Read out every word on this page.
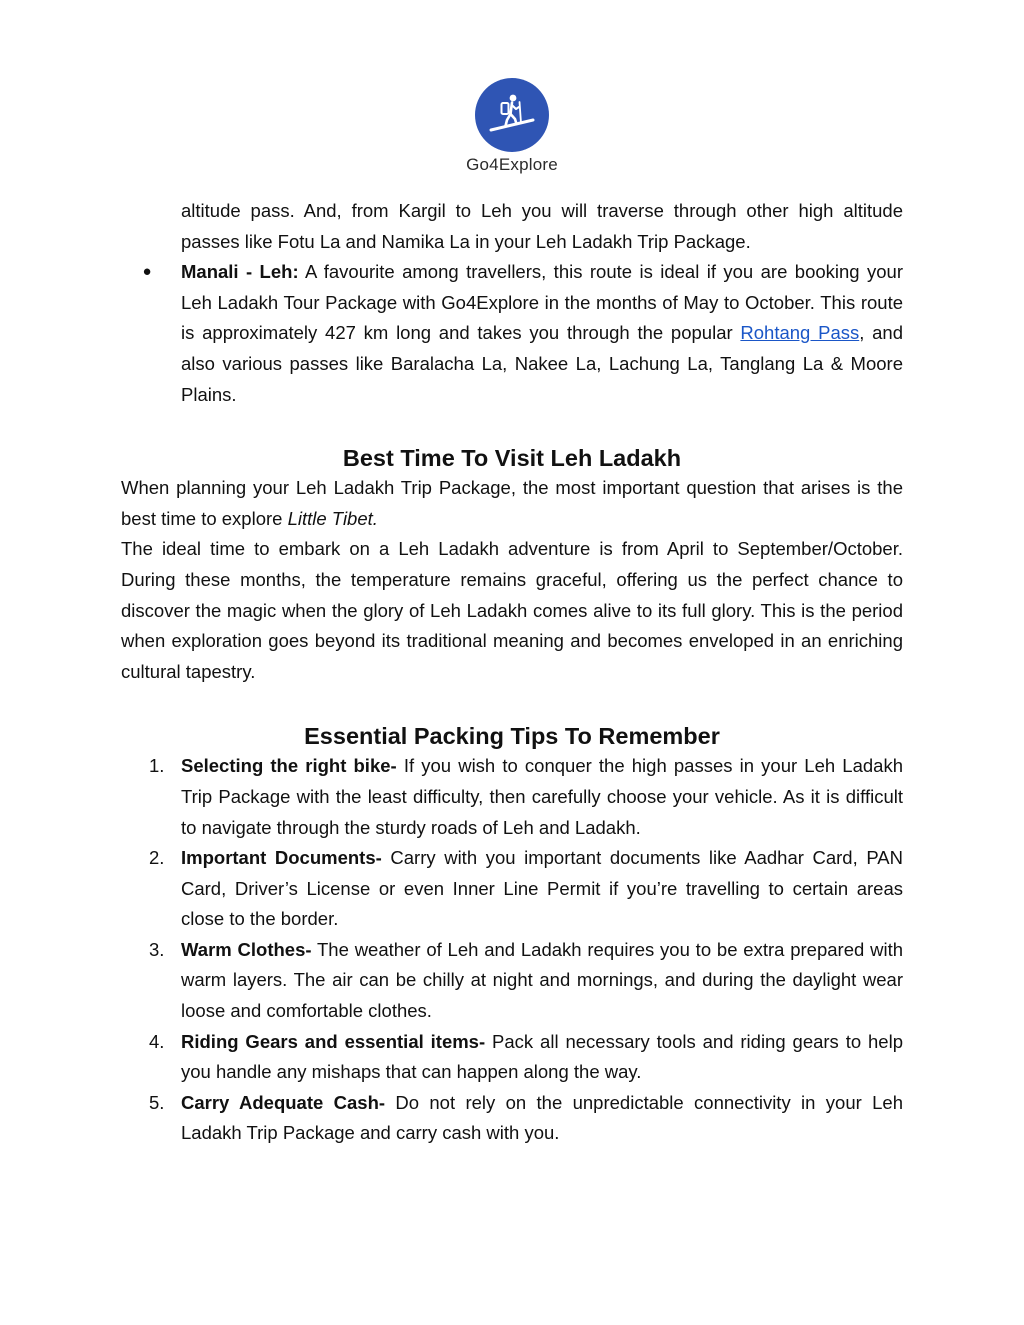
Go4Explore
altitude pass. And, from Kargil to Leh you will traverse through other high altitude passes like Fotu La and Namika La in your Leh Ladakh Trip Package.
● Manali - Leh: A favourite among travellers, this route is ideal if you are booking your Leh Ladakh Tour Package with Go4Explore in the months of May to October. This route is approximately 427 km long and takes you through the popular Rohtang Pass, and also various passes like Baralacha La, Nakee La, Lachung La, Tanglang La & Moore Plains.
Best Time To Visit Leh Ladakh

When planning your Leh Ladakh Trip Package, the most important question that arises is the best time to explore Little Tibet.

The ideal time to embark on a Leh Ladakh adventure is from April to September/October. During these months, the temperature remains graceful, offering us the perfect chance to discover the magic when the glory of Leh Ladakh comes alive to its full glory. This is the period when exploration goes beyond its traditional meaning and becomes enveloped in an enriching cultural tapestry.

Essential Packing Tips To Remember
1. Selecting the right bike- If you wish to conquer the high passes in your Leh Ladakh Trip Package with the least difficulty, then carefully choose your vehicle. As it is difficult to navigate through the sturdy roads of Leh and Ladakh.
2. Important Documents- Carry with you important documents like Aadhar Card, PAN Card, Driver’s License or even Inner Line Permit if you’re travelling to certain areas close to the border.
3. Warm Clothes- The weather of Leh and Ladakh requires you to be extra prepared with warm layers. The air can be chilly at night and mornings, and during the daylight wear loose and comfortable clothes.
4. Riding Gears and essential items- Pack all necessary tools and riding gears to help you handle any mishaps that can happen along the way.
5. Carry Adequate Cash- Do not rely on the unpredictable connectivity in your Leh Ladakh Trip Package and carry cash with you.
